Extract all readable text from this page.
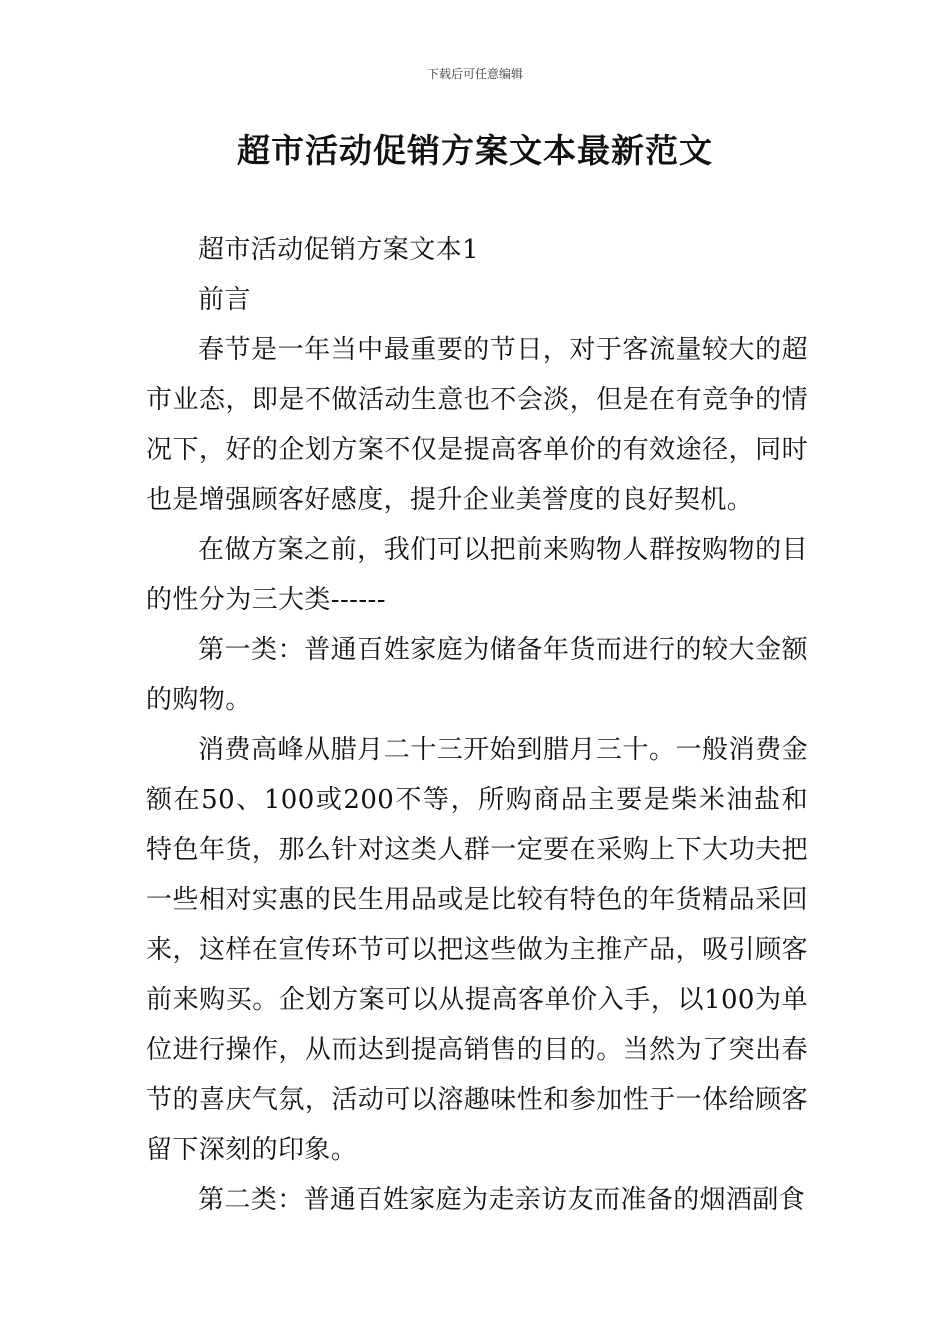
下载后可任意编辑
超市活动促销方案文本最新范文

超市活动促销方案文本1

前言

春节是一年当中最重要的节日，对于客流量较大的超市业态，即是不做活动生意也不会淡，但是在有竞争的情况下，好的企划方案不仅是提高客单价的有效途径，同时也是增强顾客好感度，提升企业美誉度的良好契机。

在做方案之前，我们可以把前来购物人群按购物的目的性分为三大类------

第一类：普通百姓家庭为储备年货而进行的较大金额的购物。

消费高峰从腊月二十三开始到腊月三十。一般消费金额在50、100或200不等，所购商品主要是柴米油盐和特色年货，那么针对这类人群一定要在采购上下大功夫把一些相对实惠的民生用品或是比较有特色的年货精品采回来，这样在宣传环节可以把这些做为主推产品，吸引顾客前来购买。企划方案可以从提高客单价入手，以100为单位进行操作，从而达到提高销售的目的。当然为了突出春节的喜庆气氛，活动可以溶趣味性和参加性于一体给顾客留下深刻的印象。

第二类：普通百姓家庭为走亲访友而准备的烟酒副食
